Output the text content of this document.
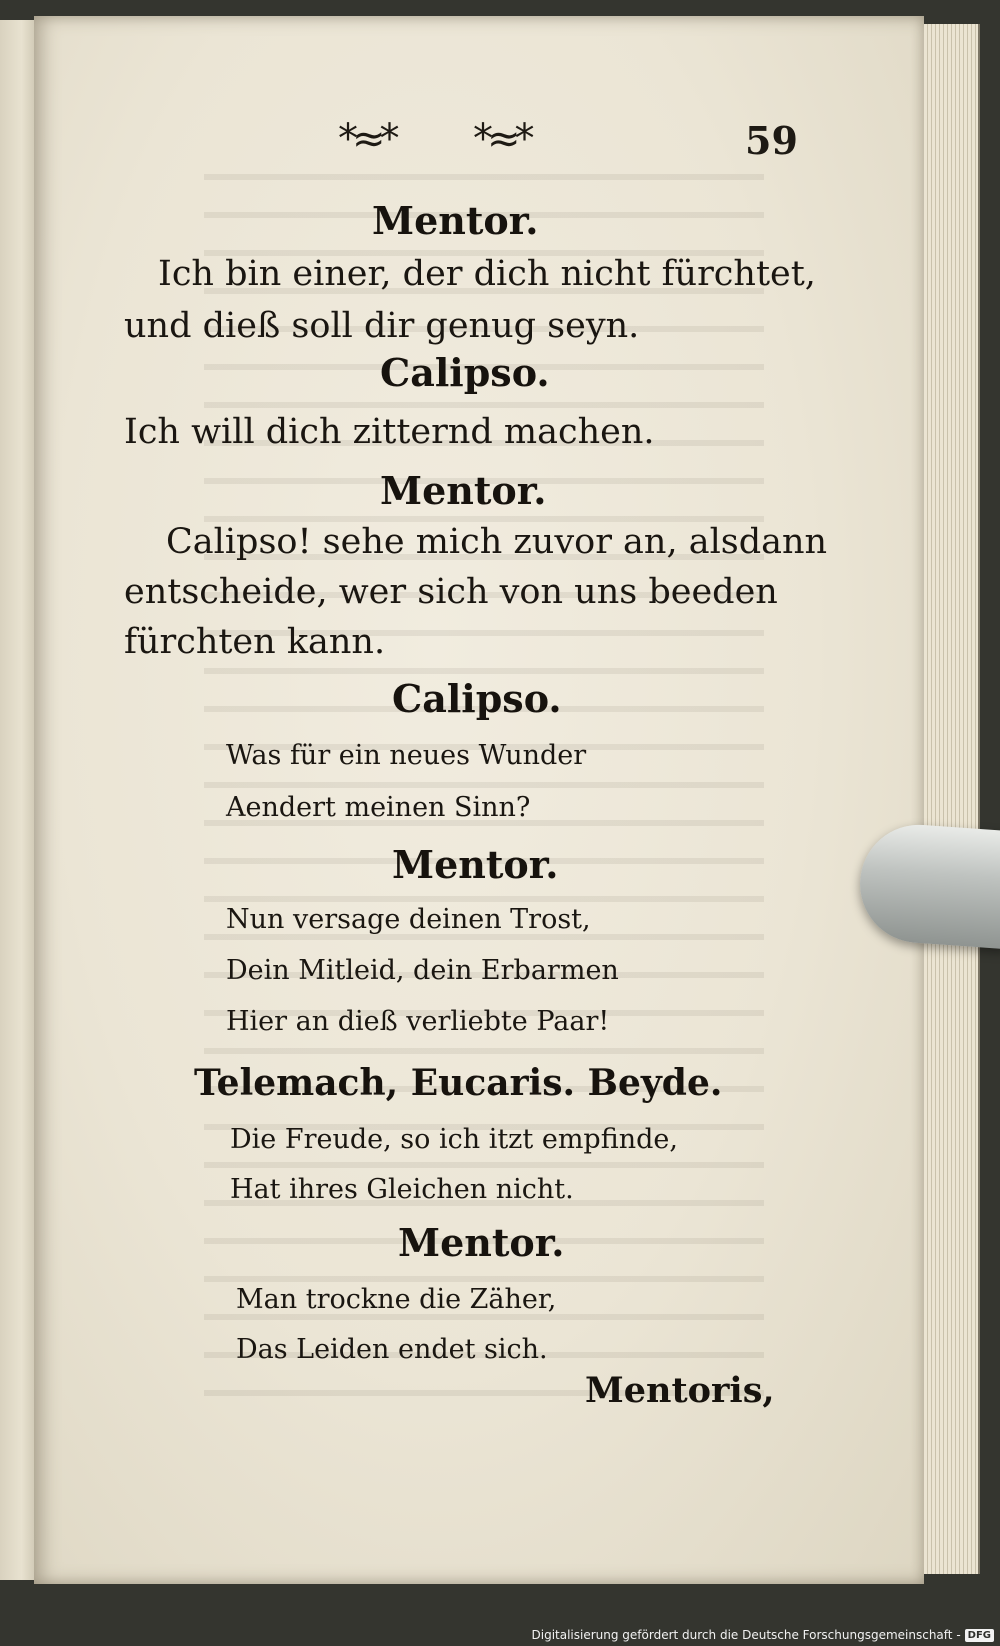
*≈* *≈*	59
Mentor.
Ich bin einer, der dich nicht fürchtet,
und dieß soll dir genug seyn.
Calipso.
Ich will dich zitternd machen.
Mentor.
Calipso! sehe mich zuvor an, alsdann
entscheide, wer sich von uns beeden
fürchten kann.
Calipso.
Was für ein neues Wunder
Aendert meinen Sinn?
Mentor.
Nun versage deinen Trost,
Dein Mitleid, dein Erbarmen
Hier an dieß verliebte Paar!
Telemach, Eucaris. Beyde.
Die Freude, so ich itzt empfinde,
Hat ihres Gleichen nicht.
Mentor.
Man trockne die Zäher,
Das Leiden endet sich.
Mentoris,
Digitalisierung gefördert durch die Deutsche Forschungsgemeinschaft - DFG
